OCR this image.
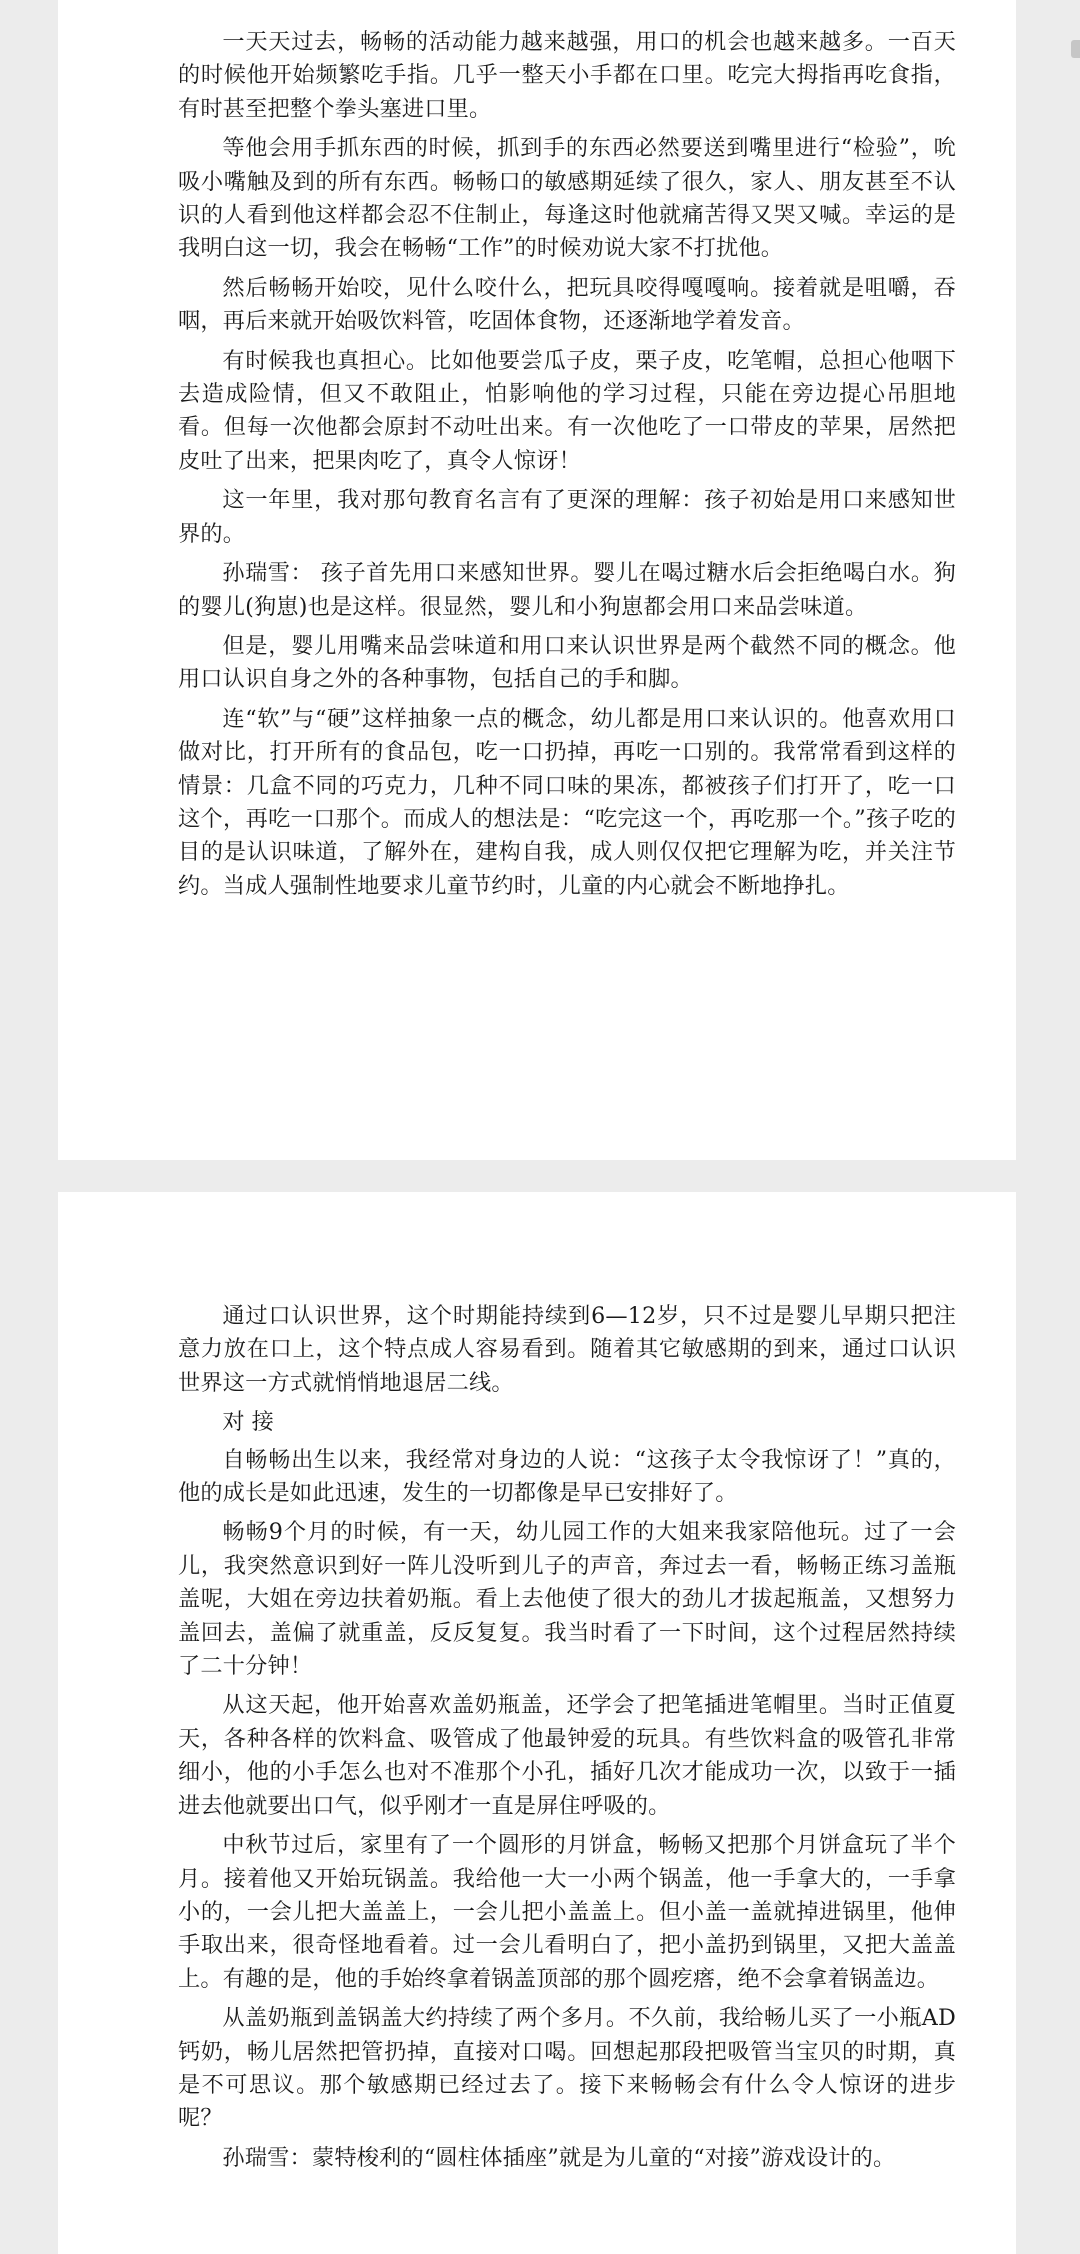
一天天过去，畅畅的活动能力越来越强，用口的机会也越来越多。一百天的时候他开始频繁吃手指。几乎一整天小手都在口里。吃完大拇指再吃食指，有时甚至把整个拳头塞进口里。

等他会用手抓东西的时候，抓到手的东西必然要送到嘴里进行“检验”，吮吸小嘴触及到的所有东西。畅畅口的敏感期延续了很久，家人、朋友甚至不认识的人看到他这样都会忍不住制止，每逢这时他就痛苦得又哭又喊。幸运的是我明白这一切，我会在畅畅“工作”的时候劝说大家不打扰他。

然后畅畅开始咬，见什么咬什么，把玩具咬得嘎嘎响。接着就是咀嚼，吞咽，再后来就开始吸饮料管，吃固体食物，还逐渐地学着发音。

有时候我也真担心。比如他要尝瓜子皮，栗子皮，吃笔帽，总担心他咽下去造成险情，但又不敢阻止，怕影响他的学习过程，只能在旁边提心吊胆地看。但每一次他都会原封不动吐出来。有一次他吃了一口带皮的苹果，居然把皮吐了出来，把果肉吃了，真令人惊讶！

这一年里，我对那句教育名言有了更深的理解：孩子初始是用口来感知世界的。

孙瑞雪： 孩子首先用口来感知世界。婴儿在喝过糖水后会拒绝喝白水。狗的婴儿(狗崽)也是这样。很显然，婴儿和小狗崽都会用口来品尝味道。

但是，婴儿用嘴来品尝味道和用口来认识世界是两个截然不同的概念。他用口认识自身之外的各种事物，包括自己的手和脚。

连“软”与“硬”这样抽象一点的概念，幼儿都是用口来认识的。他喜欢用口做对比，打开所有的食品包，吃一口扔掉，再吃一口别的。我常常看到这样的情景：几盒不同的巧克力，几种不同口味的果冻，都被孩子们打开了，吃一口这个，再吃一口那个。而成人的想法是：“吃完这一个，再吃那一个。”孩子吃的目的是认识味道，了解外在，建构自我，成人则仅仅把它理解为吃，并关注节约。当成人强制性地要求儿童节约时，儿童的内心就会不断地挣扎。

通过口认识世界，这个时期能持续到6—12岁，只不过是婴儿早期只把注意力放在口上，这个特点成人容易看到。随着其它敏感期的到来，通过口认识世界这一方式就悄悄地退居二线。

对 接

自畅畅出生以来，我经常对身边的人说：“这孩子太令我惊讶了！”真的，他的成长是如此迅速，发生的一切都像是早已安排好了。

畅畅9个月的时候，有一天，幼儿园工作的大姐来我家陪他玩。过了一会儿，我突然意识到好一阵儿没听到儿子的声音，奔过去一看，畅畅正练习盖瓶盖呢，大姐在旁边扶着奶瓶。看上去他使了很大的劲儿才拔起瓶盖，又想努力盖回去，盖偏了就重盖，反反复复。我当时看了一下时间，这个过程居然持续了二十分钟！

从这天起，他开始喜欢盖奶瓶盖，还学会了把笔插进笔帽里。当时正值夏天，各种各样的饮料盒、吸管成了他最钟爱的玩具。有些饮料盒的吸管孔非常细小，他的小手怎么也对不准那个小孔，插好几次才能成功一次，以致于一插进去他就要出口气，似乎刚才一直是屏住呼吸的。

中秋节过后，家里有了一个圆形的月饼盒，畅畅又把那个月饼盒玩了半个月。接着他又开始玩锅盖。我给他一大一小两个锅盖，他一手拿大的，一手拿小的，一会儿把大盖盖上，一会儿把小盖盖上。但小盖一盖就掉进锅里，他伸手取出来，很奇怪地看着。过一会儿看明白了，把小盖扔到锅里，又把大盖盖上。有趣的是，他的手始终拿着锅盖顶部的那个圆疙瘩，绝不会拿着锅盖边。

从盖奶瓶到盖锅盖大约持续了两个多月。不久前，我给畅儿买了一小瓶AD钙奶，畅儿居然把管扔掉，直接对口喝。回想起那段把吸管当宝贝的时期，真是不可思议。那个敏感期已经过去了。接下来畅畅会有什么令人惊讶的进步呢？

孙瑞雪：蒙特梭利的“圆柱体插座”就是为儿童的“对接”游戏设计的。
